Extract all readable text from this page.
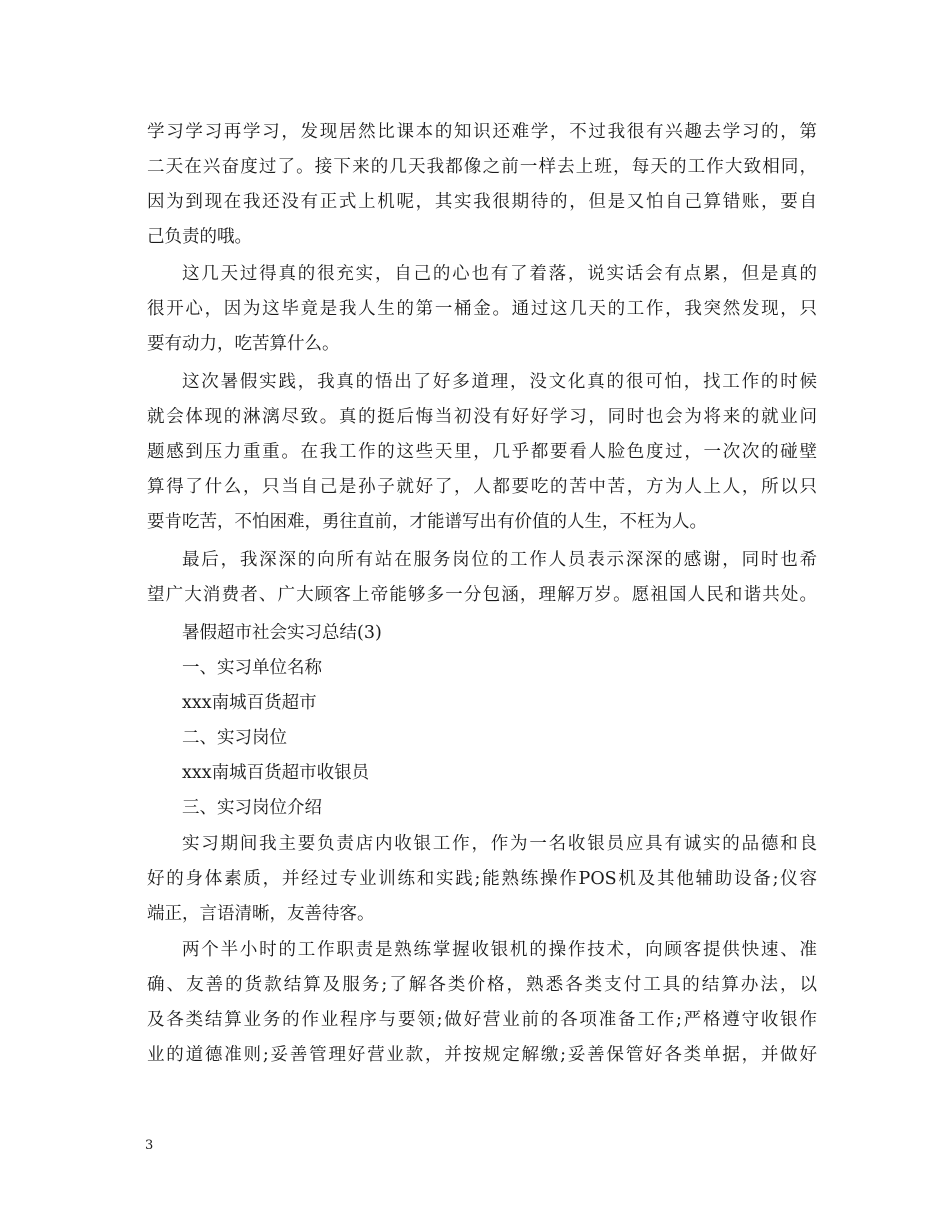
学习学习再学习，发现居然比课本的知识还难学，不过我很有兴趣去学习的，第
二天在兴奋度过了。接下来的几天我都像之前一样去上班，每天的工作大致相同，
因为到现在我还没有正式上机呢，其实我很期待的，但是又怕自己算错账，要自
己负责的哦。
这几天过得真的很充实，自己的心也有了着落，说实话会有点累，但是真的
很开心，因为这毕竟是我人生的第一桶金。通过这几天的工作，我突然发现，只
要有动力，吃苦算什么。
这次暑假实践，我真的悟出了好多道理，没文化真的很可怕，找工作的时候
就会体现的淋漓尽致。真的挺后悔当初没有好好学习，同时也会为将来的就业问
题感到压力重重。在我工作的这些天里，几乎都要看人脸色度过，一次次的碰壁
算得了什么，只当自己是孙子就好了，人都要吃的苦中苦，方为人上人，所以只
要肯吃苦，不怕困难，勇往直前，才能谱写出有价值的人生，不枉为人。
最后，我深深的向所有站在服务岗位的工作人员表示深深的感谢，同时也希
望广大消费者、广大顾客上帝能够多一分包涵，理解万岁。愿祖国人民和谐共处。
暑假超市社会实习总结(3)
一、实习单位名称
xxx南城百货超市
二、实习岗位
xxx南城百货超市收银员
三、实习岗位介绍
实习期间我主要负责店内收银工作，作为一名收银员应具有诚实的品德和良
好的身体素质，并经过专业训练和实践;能熟练操作POS机及其他辅助设备;仪容
端正，言语清晰，友善待客。
两个半小时的工作职责是熟练掌握收银机的操作技术，向顾客提供快速、准
确、友善的货款结算及服务;了解各类价格，熟悉各类支付工具的结算办法，以
及各类结算业务的作业程序与要领;做好营业前的各项准备工作;严格遵守收银作
业的道德准则;妥善管理好营业款，并按规定解缴;妥善保管好各类单据，并做好
3
